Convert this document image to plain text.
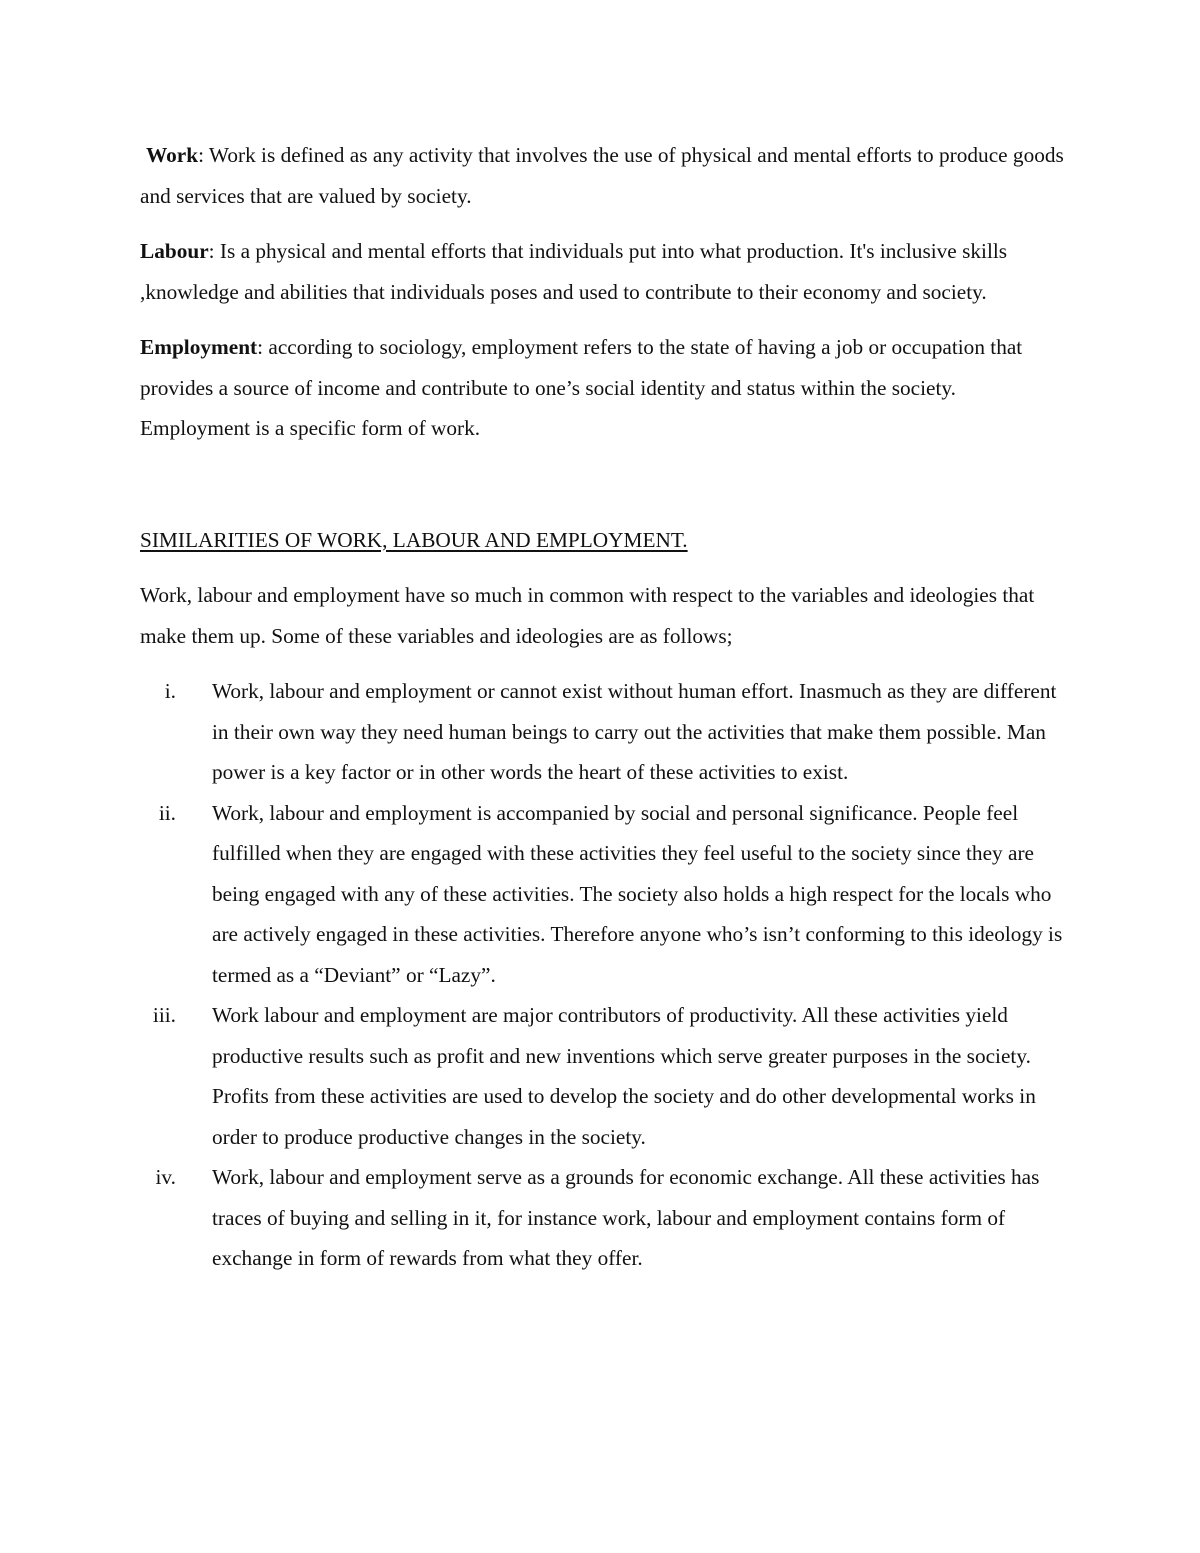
Work: Work is defined as any activity that involves the use of physical and mental efforts to produce goods and services that are valued by society.

Labour: Is a physical and mental efforts that individuals put into what production. It's inclusive skills ,knowledge and abilities that individuals poses and used to contribute to their economy and society.

Employment: according to sociology, employment refers to the state of having a job or occupation that provides a source of income and contribute to one’s social identity and status within the society. Employment is a specific form of work.

SIMILARITIES OF WORK, LABOUR AND EMPLOYMENT.

Work, labour and employment have so much in common with respect to the variables and ideologies that make them up. Some of these variables and ideologies are as follows;

i. Work, labour and employment or cannot exist without human effort. Inasmuch as they are different in their own way they need human beings to carry out the activities that make them possible. Man power is a key factor or in other words the heart of these activities to exist.
ii. Work, labour and employment is accompanied by social and personal significance. People feel fulfilled when they are engaged with these activities they feel useful to the society since they are being engaged with any of these activities. The society also holds a high respect for the locals who are actively engaged in these activities. Therefore anyone who’s isn’t conforming to this ideology is termed as a “Deviant” or “Lazy”.
iii. Work labour and employment are major contributors of productivity. All these activities yield productive results such as profit and new inventions which serve greater purposes in the society. Profits from these activities are used to develop the society and do other developmental works in order to produce productive changes in the society.
iv. Work, labour and employment serve as a grounds for economic exchange. All these activities has traces of buying and selling in it, for instance work, labour and employment contains form of exchange in form of rewards from what they offer.
